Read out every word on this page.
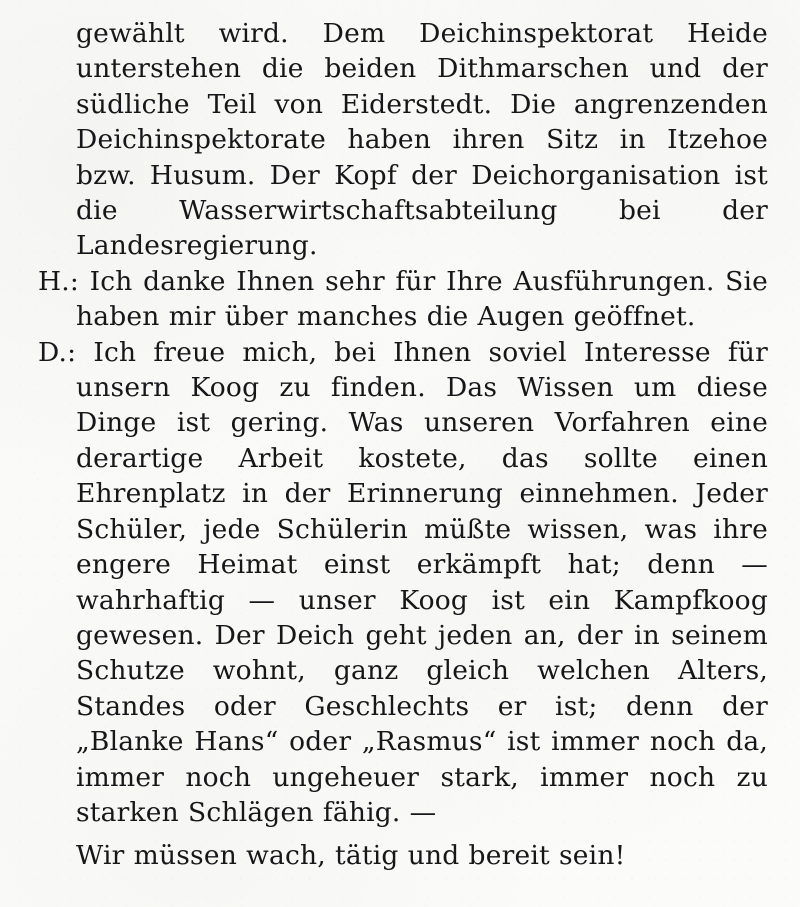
gewählt wird. Dem Deichinspektorat Heide unterstehen die beiden Dithmarschen und der südliche Teil von Eiderstedt. Die angrenzenden Deichinspektorate haben ihren Sitz in Itzehoe bzw. Husum. Der Kopf der Deichorganisation ist die Wasserwirtschaftsabteilung bei der Landesregierung.

H.: Ich danke Ihnen sehr für Ihre Ausführungen. Sie haben mir über manches die Augen geöffnet.

D.: Ich freue mich, bei Ihnen soviel Interesse für unsern Koog zu finden. Das Wissen um diese Dinge ist gering. Was unseren Vorfahren eine derartige Arbeit kostete, das sollte einen Ehrenplatz in der Erinnerung einnehmen. Jeder Schüler, jede Schülerin müßte wissen, was ihre engere Heimat einst erkämpft hat; denn — wahrhaftig — unser Koog ist ein Kampfkoog gewesen. Der Deich geht jeden an, der in seinem Schutze wohnt, ganz gleich welchen Alters, Standes oder Geschlechts er ist; denn der „Blanke Hans“ oder „Rasmus“ ist immer noch da, immer noch ungeheuer stark, immer noch zu starken Schlägen fähig. —

Wir müssen wach, tätig und bereit sein!
